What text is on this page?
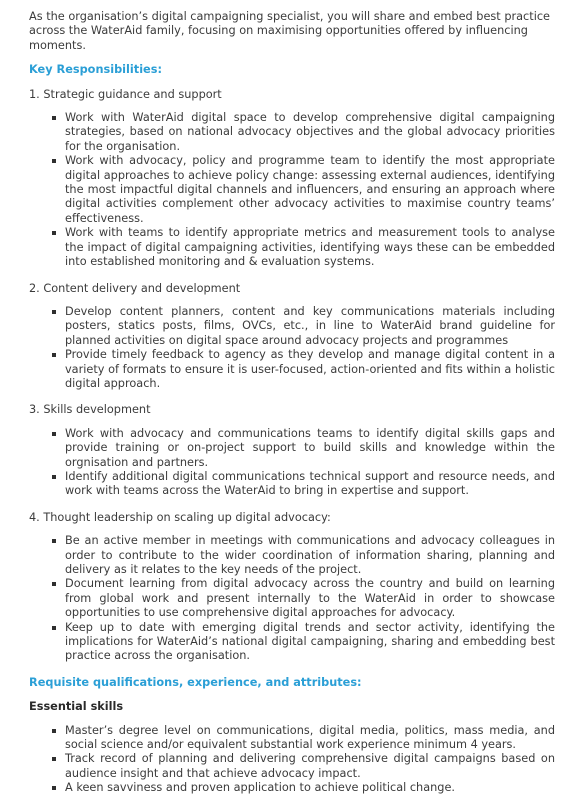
As the organisation’s digital campaigning specialist, you will share and embed best practice across the WaterAid family, focusing on maximising opportunities offered by influencing moments.

Key Responsibilities:

1. Strategic guidance and support

Work with WaterAid digital space to develop comprehensive digital campaigning strategies, based on national advocacy objectives and the global advocacy priorities for the organisation.
Work with advocacy, policy and programme team to identify the most appropriate digital approaches to achieve policy change: assessing external audiences, identifying the most impactful digital channels and influencers, and ensuring an approach where digital activities complement other advocacy activities to maximise country teams’ effectiveness.
Work with teams to identify appropriate metrics and measurement tools to analyse the impact of digital campaigning activities, identifying ways these can be embedded into established monitoring and & evaluation systems.

2. Content delivery and development

Develop content planners, content and key communications materials including posters, statics posts, films, OVCs, etc., in line to WaterAid brand guideline for planned activities on digital space around advocacy projects and programmes
Provide timely feedback to agency as they develop and manage digital content in a variety of formats to ensure it is user-focused, action-oriented and fits within a holistic digital approach.

3. Skills development

Work with advocacy and communications teams to identify digital skills gaps and provide training or on-project support to build skills and knowledge within the orgnisation and partners.
Identify additional digital communications technical support and resource needs, and work with teams across the WaterAid to bring in expertise and support.

4. Thought leadership on scaling up digital advocacy:

Be an active member in meetings with communications and advocacy colleagues in order to contribute to the wider coordination of information sharing, planning and delivery as it relates to the key needs of the project.
Document learning from digital advocacy across the country and build on learning from global work and present internally to the WaterAid in order to showcase opportunities to use comprehensive digital approaches for advocacy.
Keep up to date with emerging digital trends and sector activity, identifying the implications for WaterAid’s national digital campaigning, sharing and embedding best practice across the organisation.

Requisite qualifications, experience, and attributes:

Essential skills

Master’s degree level on communications, digital media, politics, mass media, and social science and/or equivalent substantial work experience minimum 4 years.
Track record of planning and delivering comprehensive digital campaigns based on audience insight and that achieve advocacy impact.
A keen savviness and proven application to achieve political change.
